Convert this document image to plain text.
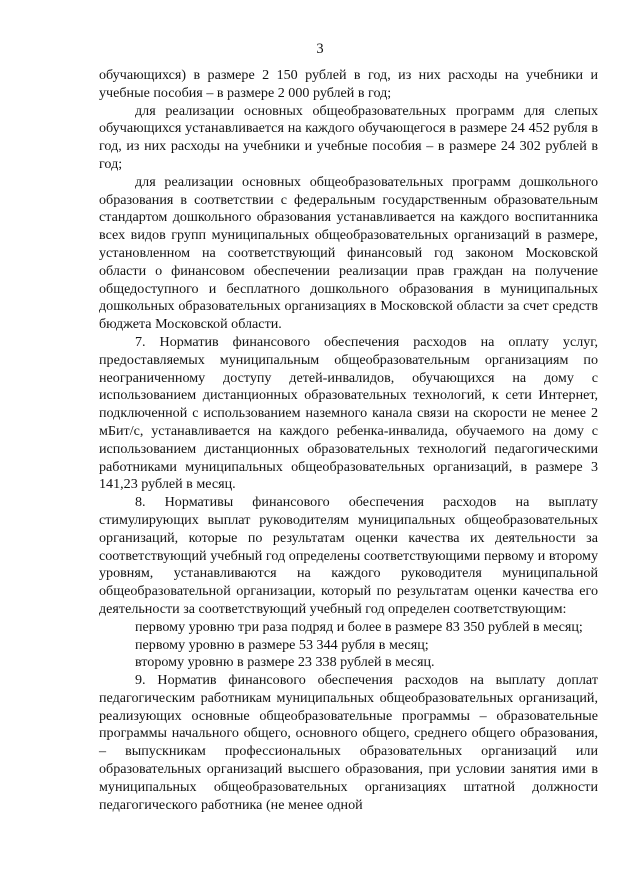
3

обучающихся) в размере 2 150 рублей в год, из них расходы на учебники и учебные пособия – в размере 2 000 рублей в год;

для реализации основных общеобразовательных программ для слепых обучающихся устанавливается на каждого обучающегося в размере 24 452 рубля в год, из них расходы на учебники и учебные пособия – в размере 24 302 рублей в год;

для реализации основных общеобразовательных программ дошкольного образования в соответствии с федеральным государственным образовательным стандартом дошкольного образования устанавливается на каждого воспитанника всех видов групп муниципальных общеобразовательных организаций в размере, установленном на соответствующий финансовый год законом Московской области о финансовом обеспечении реализации прав граждан на получение общедоступного и бесплатного дошкольного образования в муниципальных дошкольных образовательных организациях в Московской области за счет средств бюджета Московской области.

7. Норматив финансового обеспечения расходов на оплату услуг, предоставляемых муниципальным общеобразовательным организациям по неограниченному доступу детей-инвалидов, обучающихся на дому с использованием дистанционных образовательных технологий, к сети Интернет, подключенной с использованием наземного канала связи на скорости не менее 2 мБит/с, устанавливается на каждого ребенка-инвалида, обучаемого на дому с использованием дистанционных образовательных технологий педагогическими работниками муниципальных общеобразовательных организаций, в размере 3 141,23 рублей в месяц.

8. Нормативы финансового обеспечения расходов на выплату стимулирующих выплат руководителям муниципальных общеобразовательных организаций, которые по результатам оценки качества их деятельности за соответствующий учебный год определены соответствующими первому и второму уровням, устанавливаются на каждого руководителя муниципальной общеобразовательной организации, который по результатам оценки качества его деятельности за соответствующий учебный год определен соответствующим:

первому уровню три раза подряд и более в размере 83 350 рублей в месяц;

первому уровню в размере 53 344 рубля в месяц;

второму уровню в размере 23 338 рублей в месяц.

9. Норматив финансового обеспечения расходов на выплату доплат педагогическим работникам муниципальных общеобразовательных организаций, реализующих основные общеобразовательные программы – образовательные программы начального общего, основного общего, среднего общего образования, – выпускникам профессиональных образовательных организаций или образовательных организаций высшего образования, при условии занятия ими в муниципальных общеобразовательных организациях штатной должности педагогического работника (не менее одной
